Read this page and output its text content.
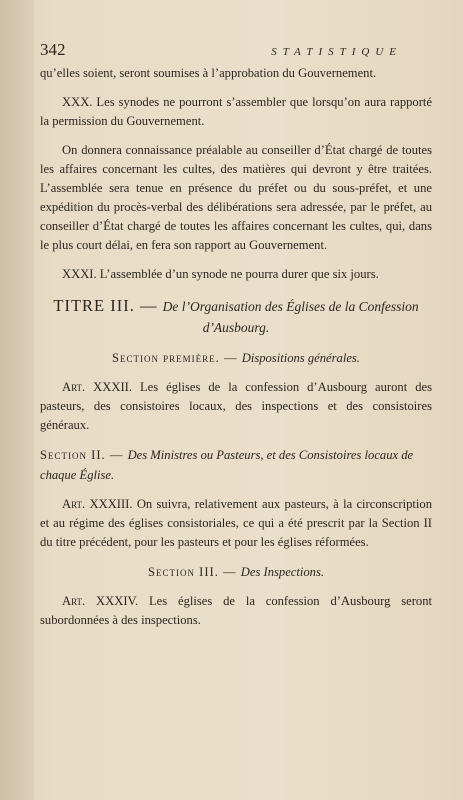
342	STATISTIQUE

qu’elles soient, seront soumises à l’approbation du Gouvernement.

XXX. Les synodes ne pourront s’assembler que lorsqu’on aura rapporté la permission du Gouvernement.

On donnera connaissance préalable au conseiller d’État chargé de toutes les affaires concernant les cultes, des matières qui devront y être traitées. L’assemblée sera tenue en présence du préfet ou du sous-préfet, et une expédition du procès-verbal des délibérations sera adressée, par le préfet, au conseiller d’État chargé de toutes les affaires concernant les cultes, qui, dans le plus court délai, en fera son rapport au Gouvernement.

XXXI. L’assemblée d’un synode ne pourra durer que six jours.

TITRE III. — De l’Organisation des Églises de la Confession d’Ausbourg.
Section première. — Dispositions générales.

Art. XXXII. Les églises de la confession d’Ausbourg auront des pasteurs, des consistoires locaux, des inspections et des consistoires généraux.

Section II. — Des Ministres ou Pasteurs, et des Consistoires locaux de chaque Église.

Art. XXXIII. On suivra, relativement aux pasteurs, à la circonscription et au régime des églises consistoriales, ce qui a été prescrit par la Section II du titre précédent, pour les pasteurs et pour les églises réformées.

Section III. — Des Inspections.

Art. XXXIV. Les églises de la confession d’Ausbourg seront subordonnées à des inspections.
